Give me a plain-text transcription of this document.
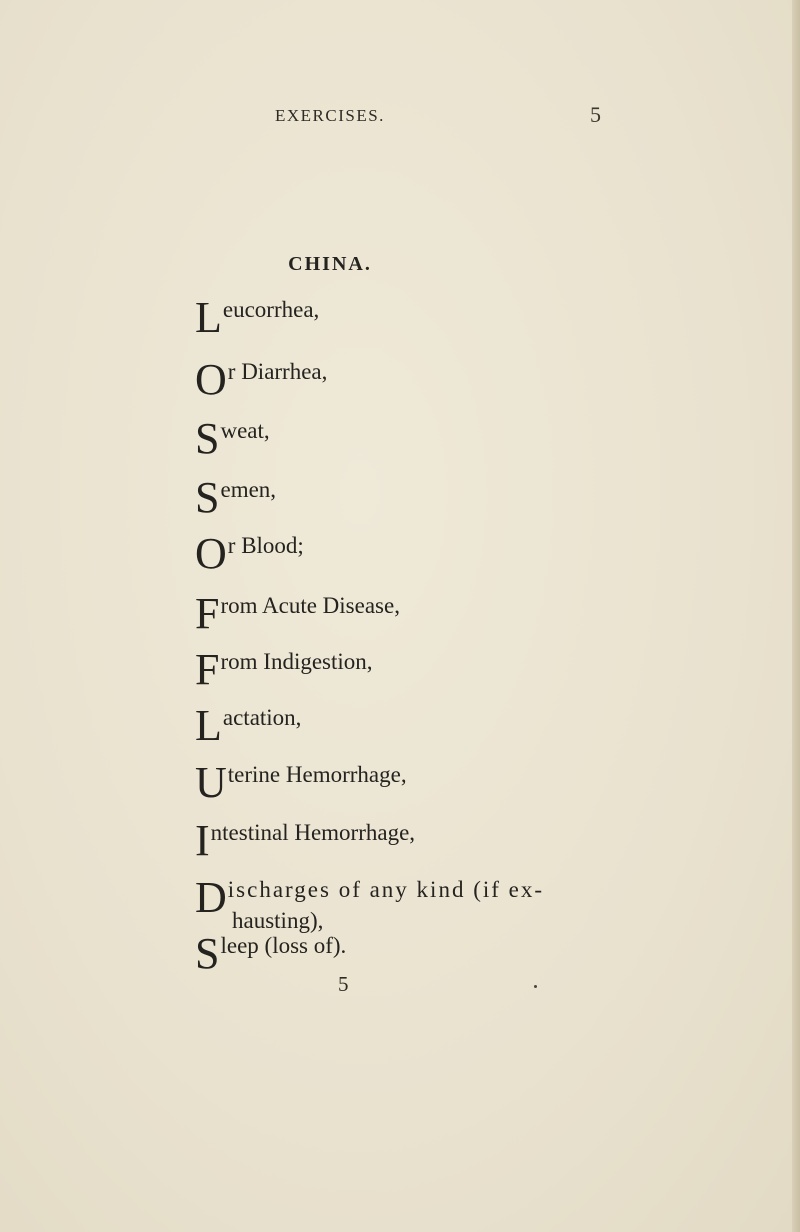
EXERCISES.	5
CHINA.
Leucorrhea,
Or Diarrhea,
Sweat,
Semen,
Or Blood;
From Acute Disease,
From Indigestion,
Lactation,
Uterine Hemorrhage,
Intestinal Hemorrhage,
Discharges of any kind (if ex-
hausting),
Sleep (loss of).
5
